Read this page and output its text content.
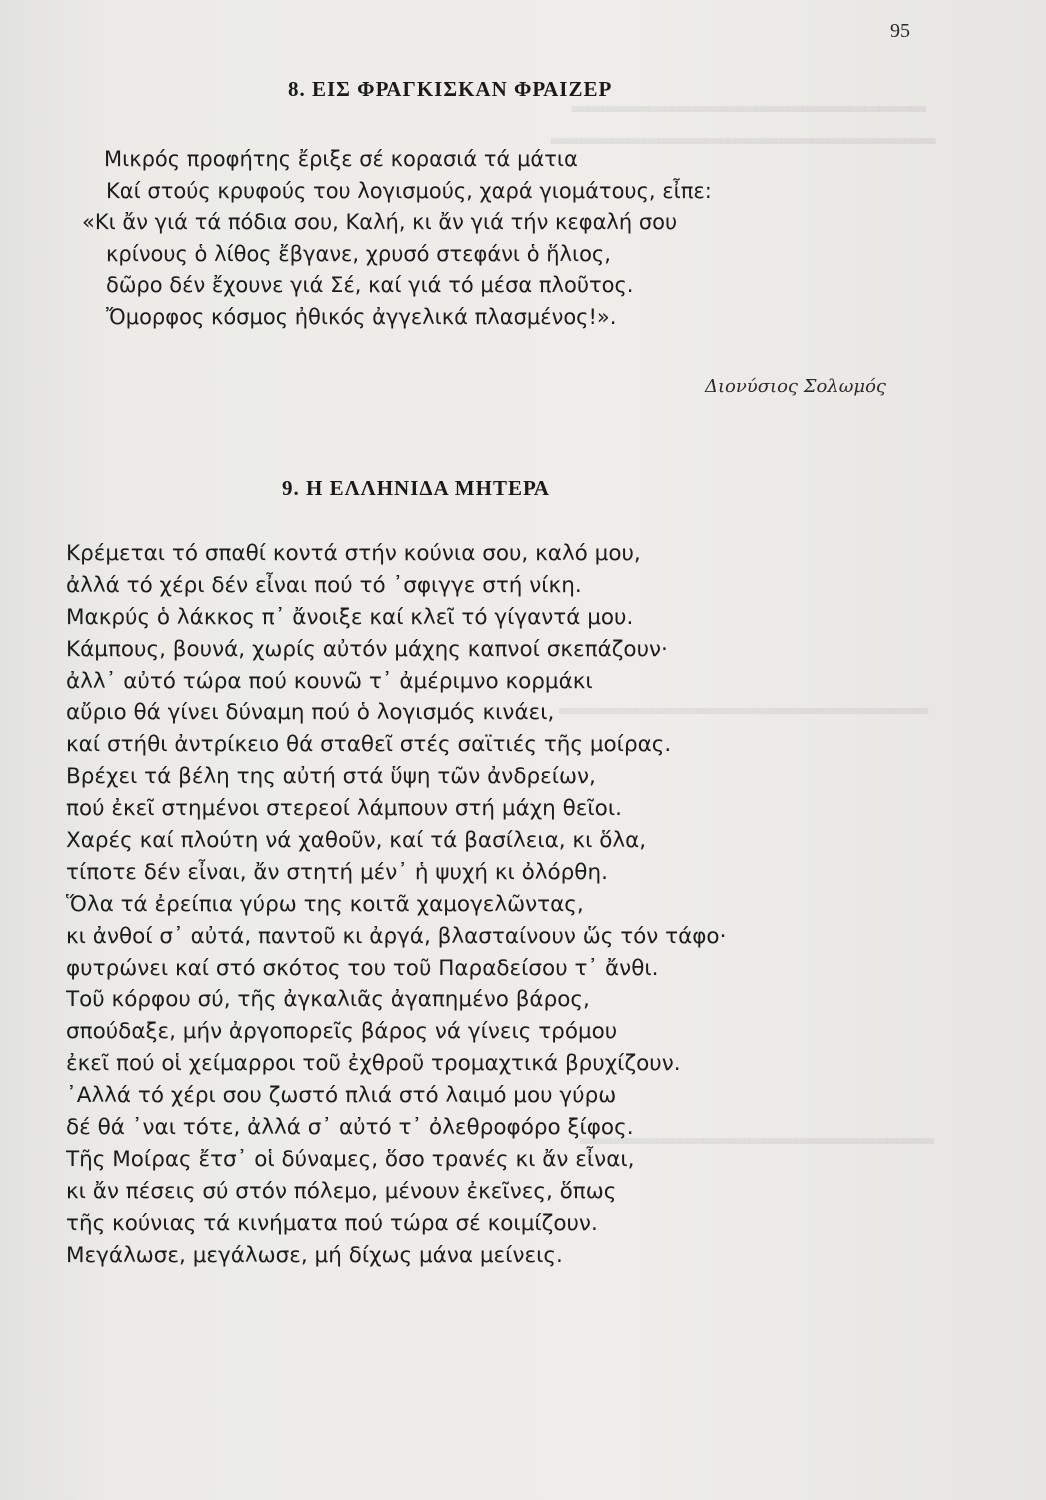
▂▂▂▂▂▂▂▂▂▂▂▂▂▂▂▂▂▂▂▂▂▂▂
▂▂▂▂▂▂▂▂▂▂▂▂▂▂▂▂▂▂▂▂▂▂▂▂▂
▂▂▂▂▂▂▂▂▂▂▂▂▂▂▂▂▂▂▂▂▂▂▂▂
▂▂▂▂▂▂▂▂▂▂▂▂▂▂▂▂▂▂▂▂▂▂▂
95
8. ΕΙΣ ΦΡΑΓΚΙΣΚΑΝ ΦΡΑΙΖΕΡ
Μικρός προφήτης ἔριξε σέ κορασιά τά μάτια
Καί στούς κρυφούς του λογισμούς, χαρά γιομάτους, εἶπε:
«Κι ἄν γιά τά πόδια σου, Καλή, κι ἄν γιά τήν κεφαλή σου
κρίνους ὁ λίθος ἔβγανε, χρυσό στεφάνι ὁ ἥλιος,
δῶρο δέν ἔχουνε γιά Σέ, καί γιά τό μέσα πλοῦτος.
Ὄμορφος κόσμος ἠθικός ἀγγελικά πλασμένος!».
Διονύσιος Σολωμός
9. Η ΕΛΛΗΝΙΔΑ ΜΗΤΕΡΑ
Κρέμεται τό σπαθί κοντά στήν κούνια σου, καλό μου,
ἀλλά τό χέρι δέν εἶναι πού τό ᾽σφιγγε στή νίκη.
Μακρύς ὁ λάκκος π᾽ ἄνοιξε καί κλεῖ τό γίγαντά μου.
Κάμπους, βουνά, χωρίς αὐτόν μάχης καπνοί σκεπάζουν·
ἀλλ᾽ αὐτό τώρα πού κουνῶ τ᾽ ἀμέριμνο κορμάκι
αὔριο θά γίνει δύναμη πού ὁ λογισμός κινάει,
καί στήθι ἀντρίκειο θά σταθεῖ στές σαϊτιές τῆς μοίρας.
Βρέχει τά βέλη της αὐτή στά ὕψη τῶν ἀνδρείων,
πού ἐκεῖ στημένοι στερεοί λάμπουν στή μάχη θεῖοι.
Χαρές καί πλούτη νά χαθοῦν, καί τά βασίλεια, κι ὅλα,
τίποτε δέν εἶναι, ἄν στητή μέν᾽ ἡ ψυχή κι ὀλόρθη.
Ὅλα τά ἐρείπια γύρω της κοιτᾶ χαμογελῶντας,
κι ἀνθοί σ᾽ αὐτά, παντοῦ κι ἀργά, βλασταίνουν ὥς τόν τάφο·
φυτρώνει καί στό σκότος του τοῦ Παραδείσου τ᾽ ἄνθι.
Τοῦ κόρφου σύ, τῆς ἀγκαλιᾶς ἀγαπημένο βάρος,
σπούδαξε, μήν ἀργοπορεῖς βάρος νά γίνεις τρόμου
ἐκεῖ πού οἱ χείμαρροι τοῦ ἐχθροῦ τρομαχτικά βρυχίζουν.
᾽Αλλά τό χέρι σου ζωστό πλιά στό λαιμό μου γύρω
δέ θά ᾽ναι τότε, ἀλλά σ᾽ αὐτό τ᾽ ὀλεθροφόρο ξίφος.
Τῆς Μοίρας ἔτσ᾽ οἱ δύναμες, ὅσο τρανές κι ἄν εἶναι,
κι ἄν πέσεις σύ στόν πόλεμο, μένουν ἐκεῖνες, ὅπως
τῆς κούνιας τά κινήματα πού τώρα σέ κοιμίζουν.
Μεγάλωσε, μεγάλωσε, μή δίχως μάνα μείνεις.
